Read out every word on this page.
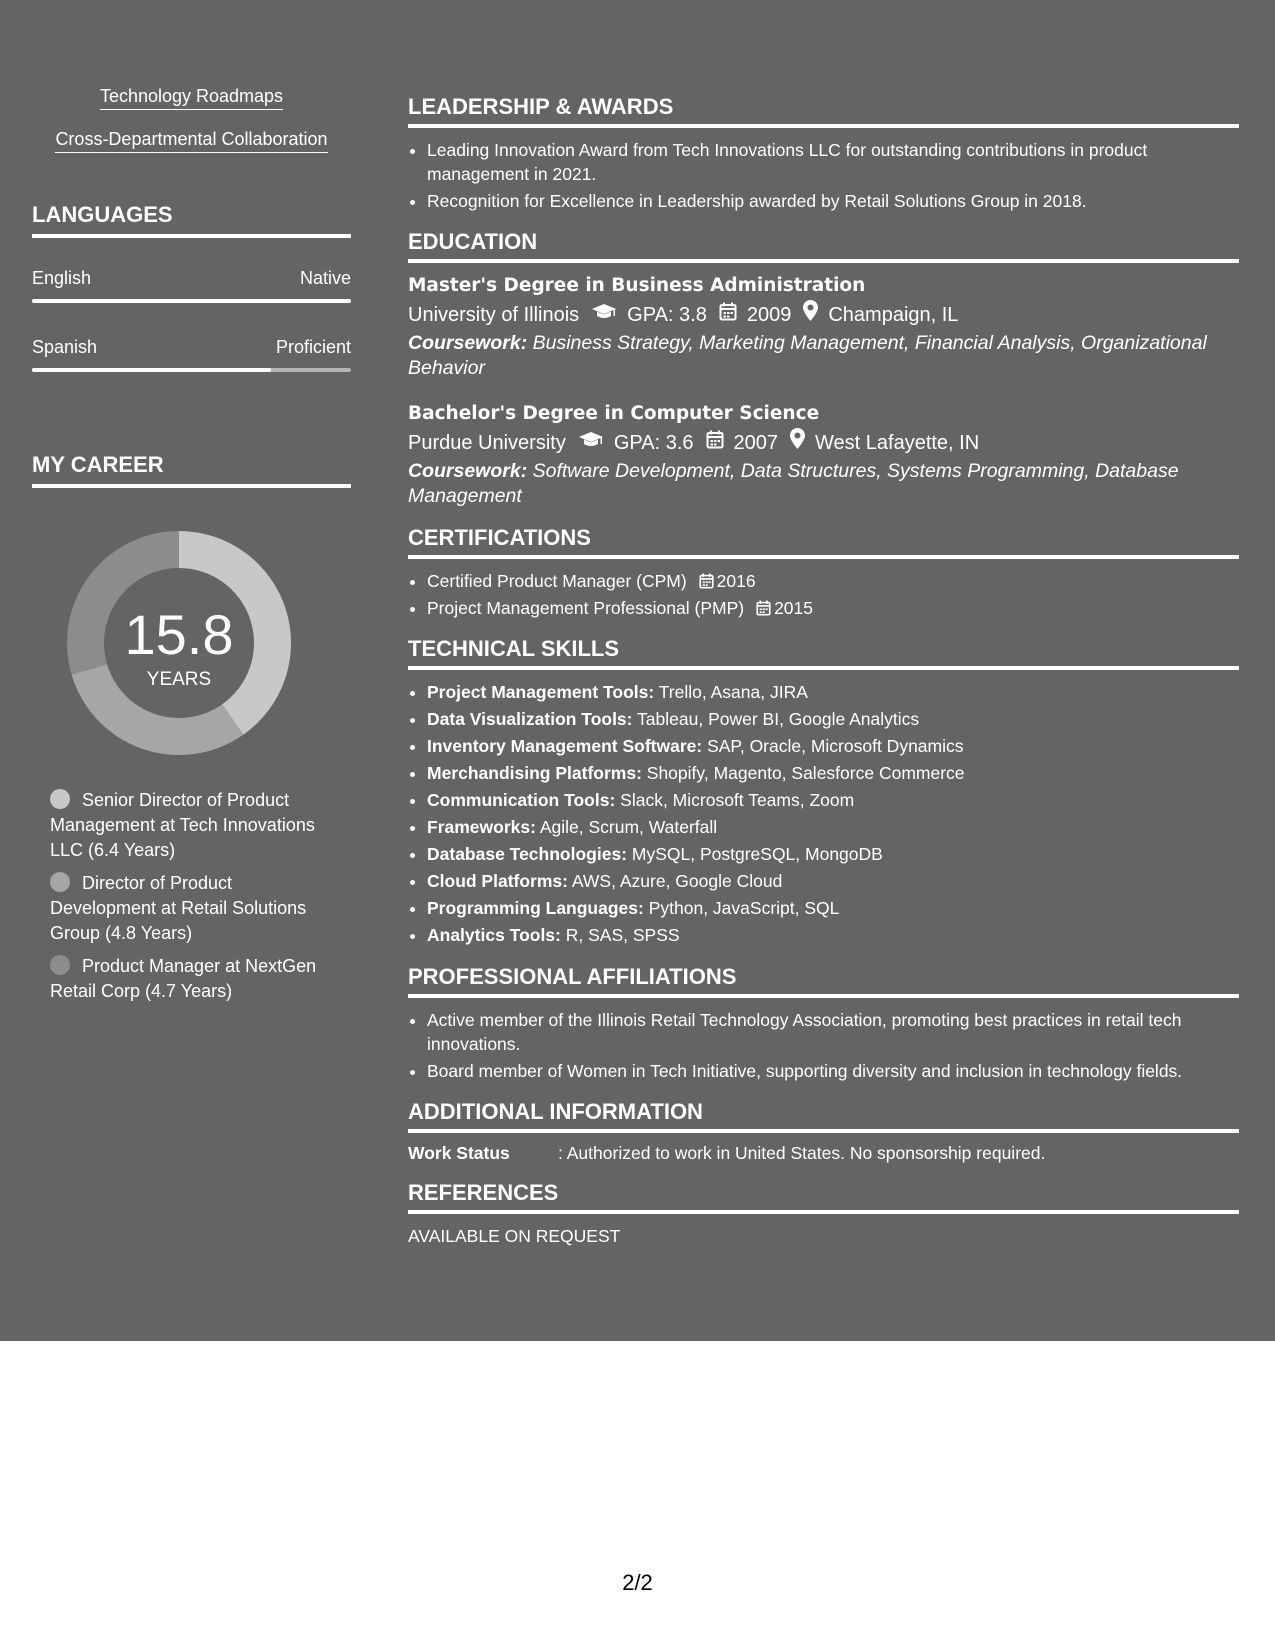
Technology Roadmaps
Cross-Departmental Collaboration
LANGUAGES
English	Native
Spanish	Proficient
MY CAREER
15.8
YEARS
Senior Director of Product Management at Tech Innovations LLC (6.4 Years)
Director of Product Development at Retail Solutions Group (4.8 Years)
Product Manager at NextGen Retail Corp (4.7 Years)
LEADERSHIP & AWARDS
• Leading Innovation Award from Tech Innovations LLC for outstanding contributions in product management in 2021.
• Recognition for Excellence in Leadership awarded by Retail Solutions Group in 2018.
EDUCATION
Master's Degree in Business Administration
University of Illinois GPA: 3.8 2009 Champaign, IL
Coursework: Business Strategy, Marketing Management, Financial Analysis, Organizational Behavior
Bachelor's Degree in Computer Science
Purdue University GPA: 3.6 2007 West Lafayette, IN
Coursework: Software Development, Data Structures, Systems Programming, Database Management
CERTIFICATIONS
• Certified Product Manager (CPM) 2016
• Project Management Professional (PMP) 2015
TECHNICAL SKILLS
• Project Management Tools: Trello, Asana, JIRA
• Data Visualization Tools: Tableau, Power BI, Google Analytics
• Inventory Management Software: SAP, Oracle, Microsoft Dynamics
• Merchandising Platforms: Shopify, Magento, Salesforce Commerce
• Communication Tools: Slack, Microsoft Teams, Zoom
• Frameworks: Agile, Scrum, Waterfall
• Database Technologies: MySQL, PostgreSQL, MongoDB
• Cloud Platforms: AWS, Azure, Google Cloud
• Programming Languages: Python, JavaScript, SQL
• Analytics Tools: R, SAS, SPSS
PROFESSIONAL AFFILIATIONS
• Active member of the Illinois Retail Technology Association, promoting best practices in retail tech innovations.
• Board member of Women in Tech Initiative, supporting diversity and inclusion in technology fields.
ADDITIONAL INFORMATION
Work Status	: Authorized to work in United States. No sponsorship required.
REFERENCES
AVAILABLE ON REQUEST
2/2
